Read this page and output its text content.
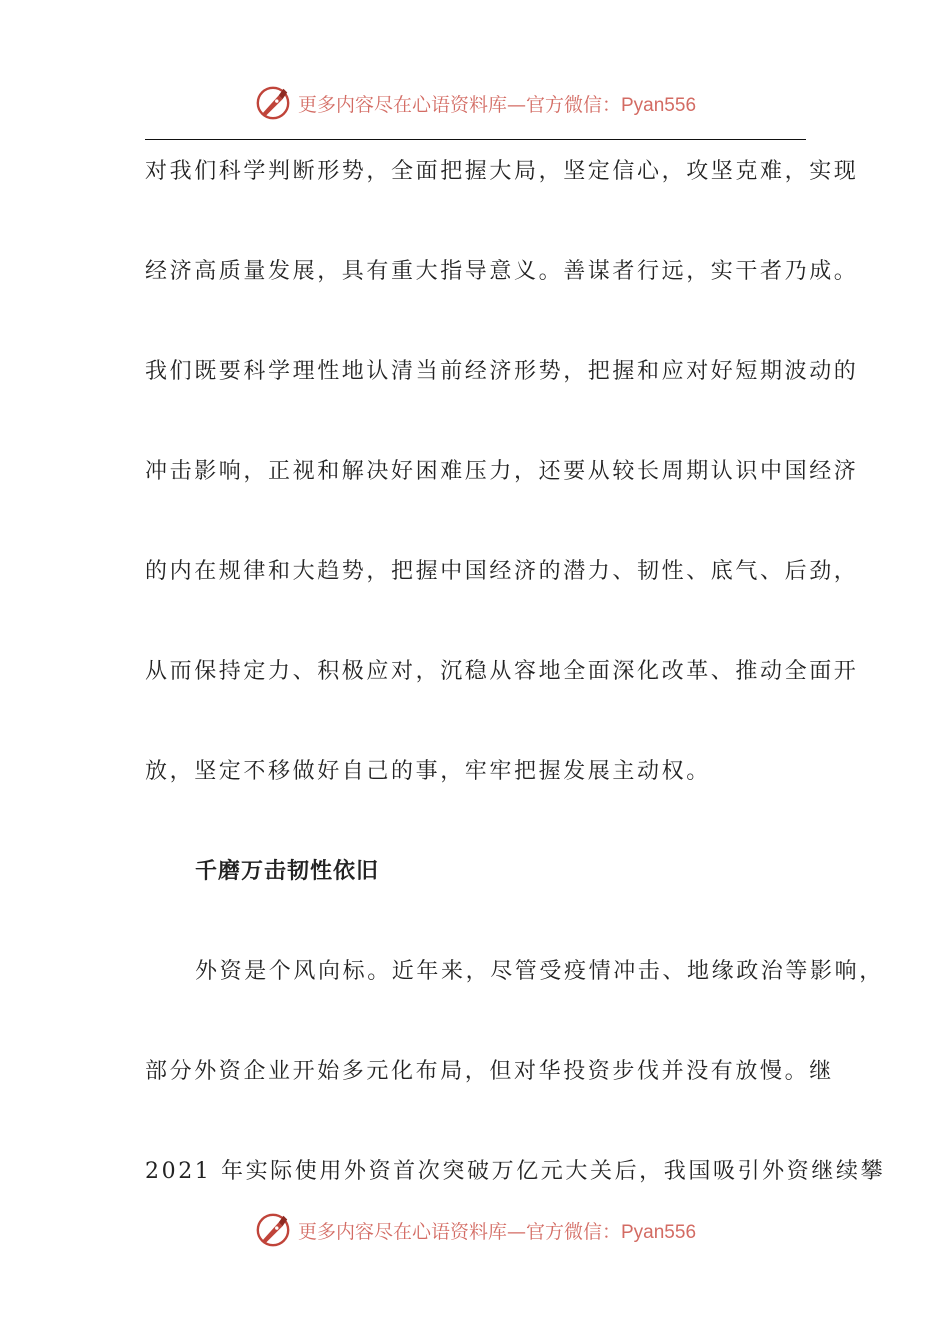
更多内容尽在心语资料库—官方微信：Pyan556
对我们科学判断形势，全面把握大局，坚定信心，攻坚克难，实现
经济高质量发展，具有重大指导意义。善谋者行远，实干者乃成。
我们既要科学理性地认清当前经济形势，把握和应对好短期波动的
冲击影响，正视和解决好困难压力，还要从较长周期认识中国经济
的内在规律和大趋势，把握中国经济的潜力、韧性、底气、后劲，
从而保持定力、积极应对，沉稳从容地全面深化改革、推动全面开
放，坚定不移做好自己的事，牢牢把握发展主动权。
千磨万击韧性依旧
外资是个风向标。近年来，尽管受疫情冲击、地缘政治等影响，
部分外资企业开始多元化布局，但对华投资步伐并没有放慢。继
2021 年实际使用外资首次突破万亿元大关后，我国吸引外资继续攀
更多内容尽在心语资料库—官方微信：Pyan556
